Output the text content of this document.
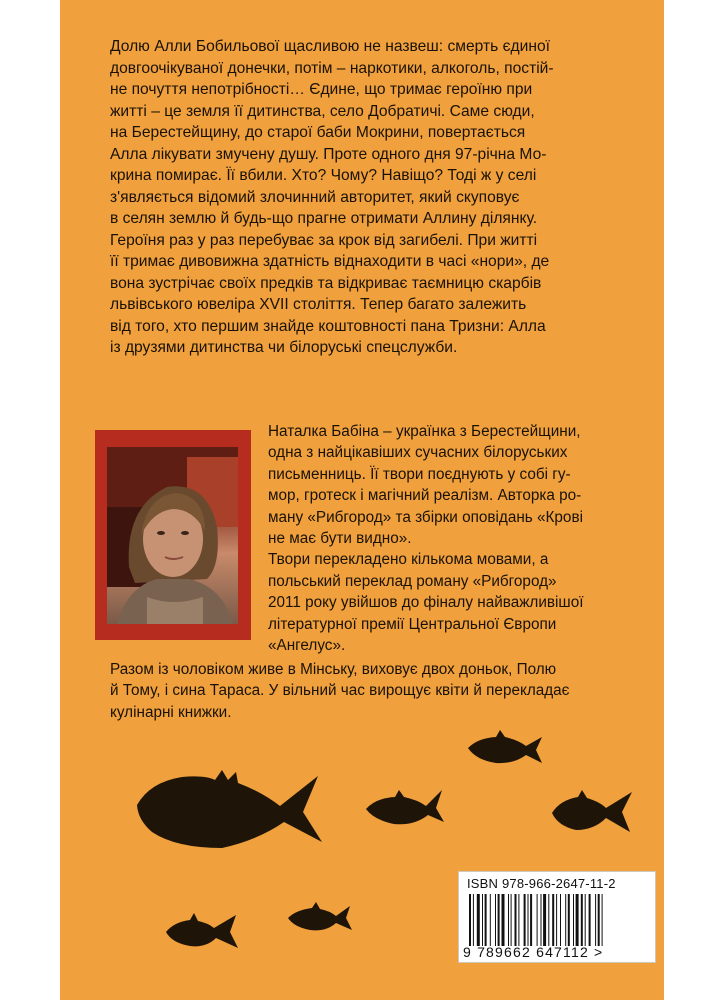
Долю Алли Бобильової щасливою не назвеш: смерть єдиної
довгоочікуваної донечки, потім – наркотики, алкоголь, постій-
не почуття непотрібності… Єдине, що тримає героїню при
житті – це земля її дитинства, село Добратичі. Саме сюди,
на Берестейщину, до старої баби Мокрини, повертається
Алла лікувати змучену душу. Проте одного дня 97-річна Мо-
крина помирає. Її вбили. Хто? Чому? Навіщо? Тоді ж у селі
з'являється відомий злочинний авторитет, який скуповує
в селян землю й будь-що прагне отримати Аллину ділянку.
Героїня раз у раз перебуває за крок від загибелі. При житті
її тримає дивовижна здатність віднаходити в часі «нори», де
вона зустрічає своїх предків та відкриває таємницю скарбів
львівського ювеліра XVII століття. Тепер багато залежить
від того, хто першим знайде коштовності пана Тризни: Алла
із друзями дитинства чи білоруські спецслужби.

Наталка Бабіна – українка з Берестейщини,
одна з найцікавіших сучасних білоруських
письменниць. Її твори поєднують у собі гу-
мор, гротеск і магічний реалізм. Авторка ро-
ману «Рибгород» та збірки оповідань «Крові
не має бути видно».
Твори перекладено кількома мовами, а
польський переклад роману «Рибгород»
2011 року увійшов до фіналу найважливішої
літературної премії Центральної Європи
«Ангелус».

Разом із чоловіком живе в Мінську, виховує двох доньок, Полю
й Тому, і сина Тараса. У вільний час вирощує квіти й перекладає
кулінарні книжки.

ISBN 978-966-2647-11-2
9 789662 647112 >
